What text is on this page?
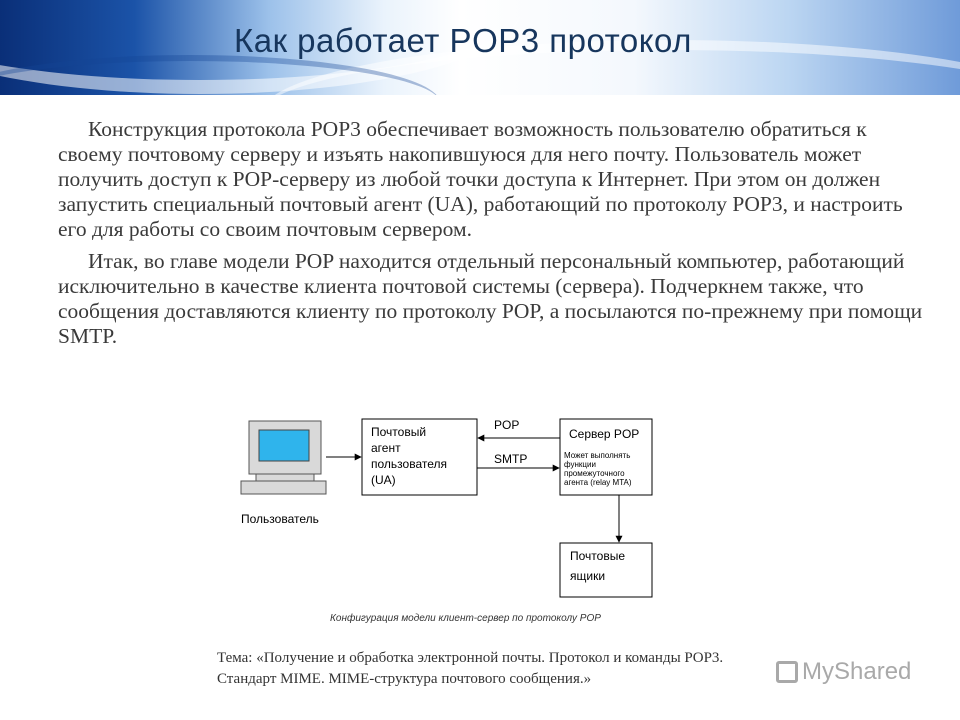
Как работает POP3 протокол

Конструкция протокола POP3 обеспечивает возможность пользователю обратиться к своему почтовому серверу и изъять накопившуюся для него почту. Пользователь может получить доступ к POP-серверу из любой точки доступа к Интернет. При этом он должен запустить специальный почтовый агент (UA), работающий по протоколу POP3, и настроить его для работы со своим почтовым сервером.

Итак, во главе модели POP находится отдельный персональный компьютер, работающий исключительно в качестве клиента почтовой системы (сервера). Подчеркнем также, что сообщения доставляются клиенту по протоколу POP, а посылаются по-прежнему при помощи SMTP.

Пользователь
Почтовый агент пользователя (UA)
Сервер POP
Может выполнять функции промежуточного агента (relay MTA)
Почтовые ящики
POP
SMTP
Конфигурация модели клиент-сервер по протоколу POP
Тема: «Получение и обработка электронной почты. Протокол и команды POP3.
Стандарт MIME. MIME-структура почтового сообщения.»	MyShared
